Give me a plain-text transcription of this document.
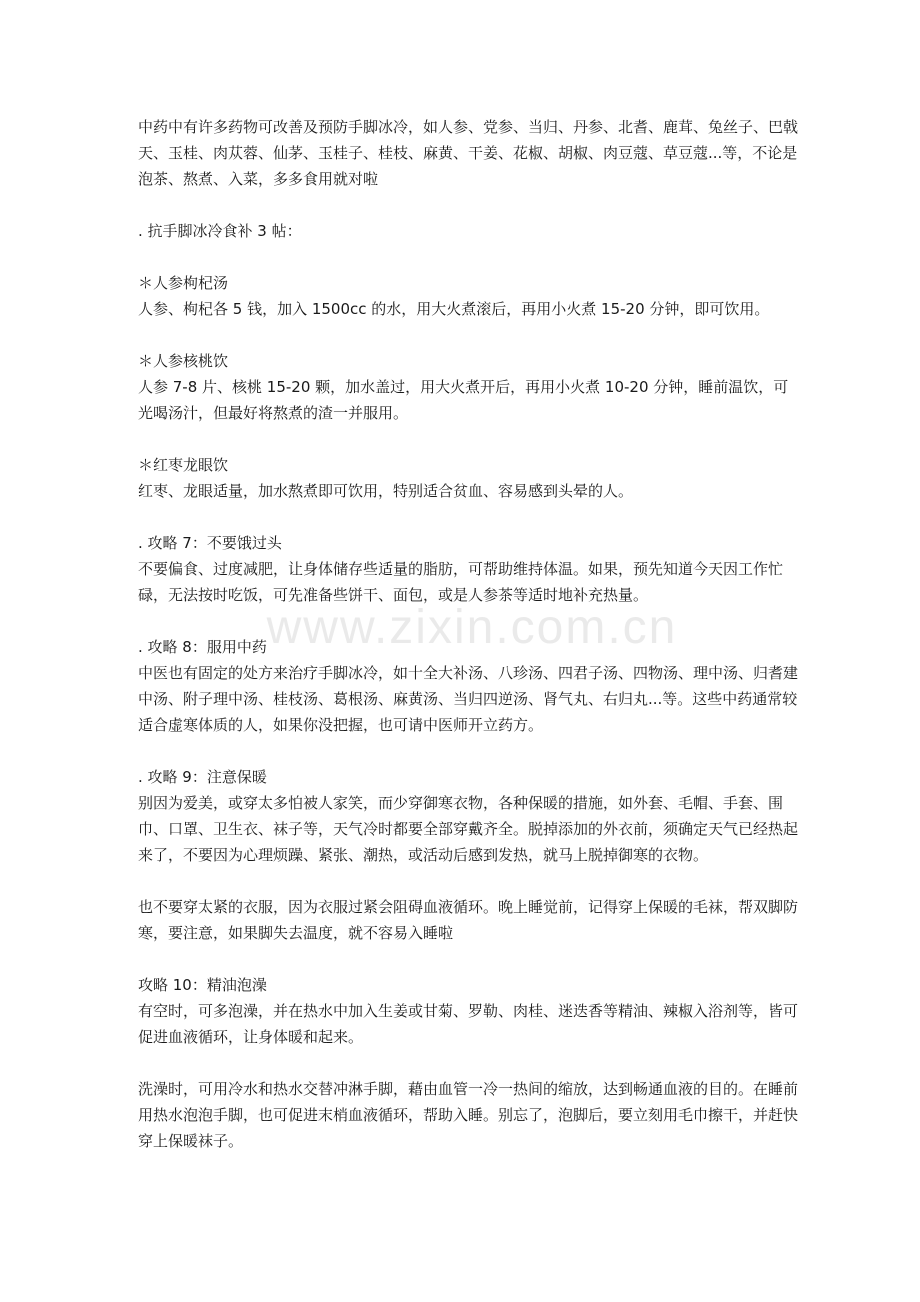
www.zixin.com.cn

中药中有许多药物可改善及预防手脚冰冷，如人参、党参、当归、丹参、北耆、鹿茸、兔丝子、巴戟天、玉桂、肉苁蓉、仙茅、玉桂子、桂枝、麻黄、干姜、花椒、胡椒、肉豆蔻、草豆蔻...等，不论是泡茶、熬煮、入菜，多多食用就对啦

. 抗手脚冰冷食补 3 帖：

＊人参枸杞汤

人参、枸杞各 5 钱，加入 1500cc 的水，用大火煮滚后，再用小火煮 15-20 分钟，即可饮用。

＊人参核桃饮

人参 7-8 片、核桃 15-20 颗，加水盖过，用大火煮开后，再用小火煮 10-20 分钟，睡前温饮，可光喝汤汁，但最好将熬煮的渣一并服用。

＊红枣龙眼饮

红枣、龙眼适量，加水熬煮即可饮用，特别适合贫血、容易感到头晕的人。

. 攻略 7：不要饿过头

不要偏食、过度减肥，让身体储存些适量的脂肪，可帮助维持体温。如果，预先知道今天因工作忙碌，无法按时吃饭，可先准备些饼干、面包，或是人参茶等适时地补充热量。

. 攻略 8：服用中药

中医也有固定的处方来治疗手脚冰冷，如十全大补汤、八珍汤、四君子汤、四物汤、理中汤、归耆建中汤、附子理中汤、桂枝汤、葛根汤、麻黄汤、当归四逆汤、肾气丸、右归丸...等。这些中药通常较适合虚寒体质的人，如果你没把握，也可请中医师开立药方。

. 攻略 9：注意保暖

别因为爱美，或穿太多怕被人家笑，而少穿御寒衣物，各种保暖的措施，如外套、毛帽、手套、围巾、口罩、卫生衣、袜子等，天气冷时都要全部穿戴齐全。脱掉添加的外衣前，须确定天气已经热起来了，不要因为心理烦躁、紧张、潮热，或活动后感到发热，就马上脱掉御寒的衣物。

也不要穿太紧的衣服，因为衣服过紧会阻碍血液循环。晚上睡觉前，记得穿上保暖的毛袜，帮双脚防寒，要注意，如果脚失去温度，就不容易入睡啦

攻略 10：精油泡澡

有空时，可多泡澡，并在热水中加入生姜或甘菊、罗勒、肉桂、迷迭香等精油、辣椒入浴剂等，皆可促进血液循环，让身体暖和起来。

洗澡时，可用冷水和热水交替冲淋手脚，藉由血管一冷一热间的缩放，达到畅通血液的目的。在睡前用热水泡泡手脚，也可促进末梢血液循环，帮助入睡。别忘了，泡脚后，要立刻用毛巾擦干，并赶快穿上保暖袜子。
